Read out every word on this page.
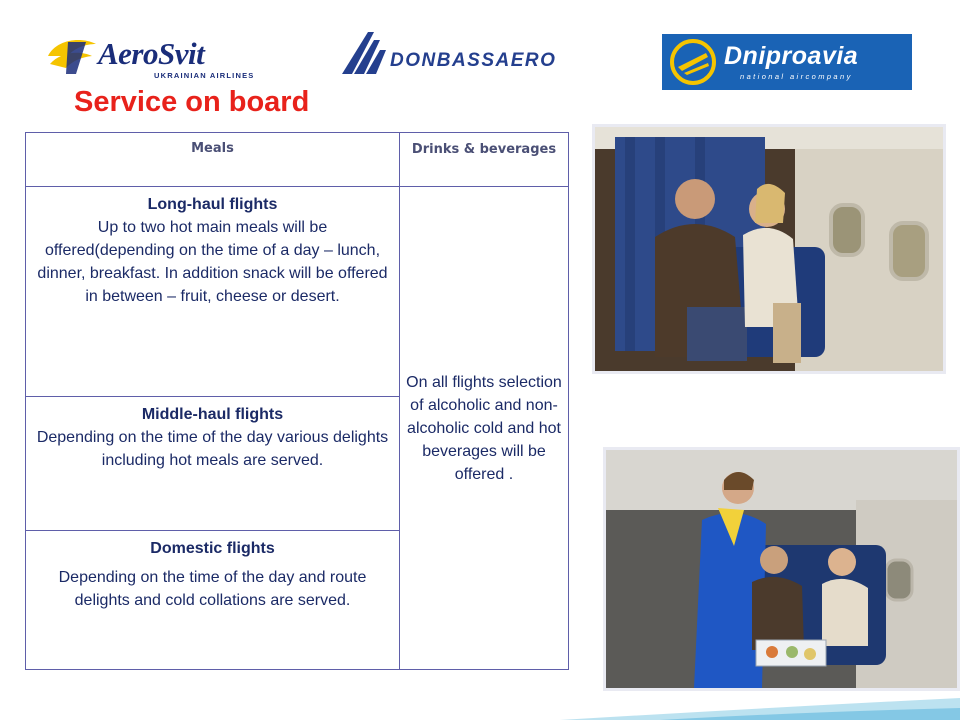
AeroSvit
UKRAINIAN AIRLINES
DONBASSAERO	Dniproavia
national aircompany
Service on board
Meals	Drinks & beverages
Long-haul flights
Up to two hot main meals will be offered(depending on the time of a day – lunch, dinner, breakfast. In addition snack will be offered in between – fruit, cheese or desert.
Middle-haul flights
Depending on the time of the day various delights including hot meals are served.
Domestic flights
Depending on the time of the day and route delights and cold collations are served.
On all flights selection of alcoholic and non-alcoholic cold and hot beverages will be offered .
